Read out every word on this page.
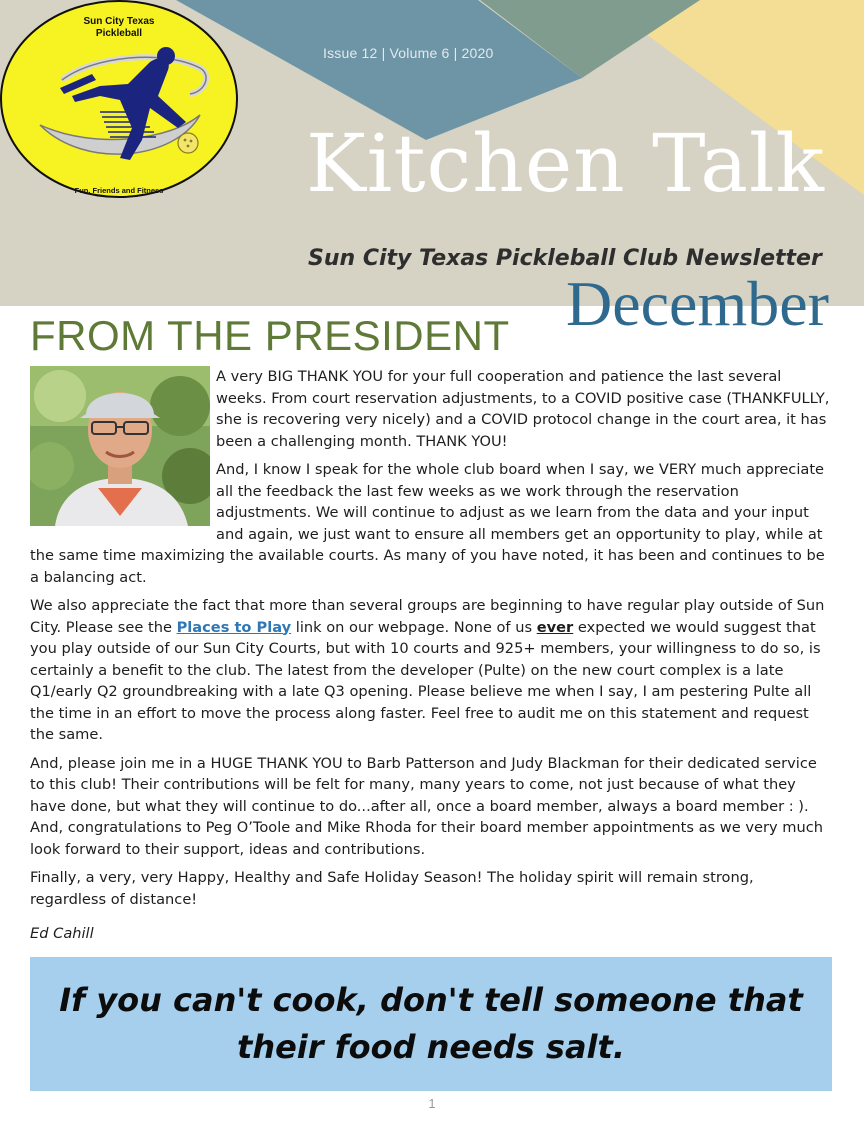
Issue 12 | Volume 6 | 2020
Sun City Texas
Pickleball
Fun, Friends and Fitness Kitchen Talk
Sun City Texas Pickleball Club Newsletter
December
FROM THE PRESIDENT

A very BIG THANK YOU for your full cooperation and patience the last several weeks. From court reservation adjustments, to a COVID positive case (THANKFULLY, she is recovering very nicely) and a COVID protocol change in the court area, it has been a challenging month. THANK YOU!

And, I know I speak for the whole club board when I say, we VERY much appreciate all the feedback the last few weeks as we work through the reservation adjustments. We will continue to adjust as we learn from the data and your input and again, we just want to ensure all members get an opportunity to play, while at the same time maximizing the available courts. As many of you have noted, it has been and continues to be a balancing act.

We also appreciate the fact that more than several groups are beginning to have regular play outside of Sun City. Please see the Places to Play link on our webpage. None of us ever expected we would suggest that you play outside of our Sun City Courts, but with 10 courts and 925+ members, your willingness to do so, is certainly a benefit to the club. The latest from the developer (Pulte) on the new court complex is a late Q1/early Q2 groundbreaking with a late Q3 opening. Please believe me when I say, I am pestering Pulte all the time in an effort to move the process along faster. Feel free to audit me on this statement and request the same.

And, please join me in a HUGE THANK YOU to Barb Patterson and Judy Blackman for their dedicated service to this club! Their contributions will be felt for many, many years to come, not just because of what they have done, but what they will continue to do...after all, once a board member, always a board member : ). And, congratulations to Peg O’Toole and Mike Rhoda for their board member appointments as we very much look forward to their support, ideas and contributions.

Finally, a very, very Happy, Healthy and Safe Holiday Season! The holiday spirit will remain strong, regardless of distance!

Ed Cahill

If you can't cook, don't tell someone that their food needs salt.
1
